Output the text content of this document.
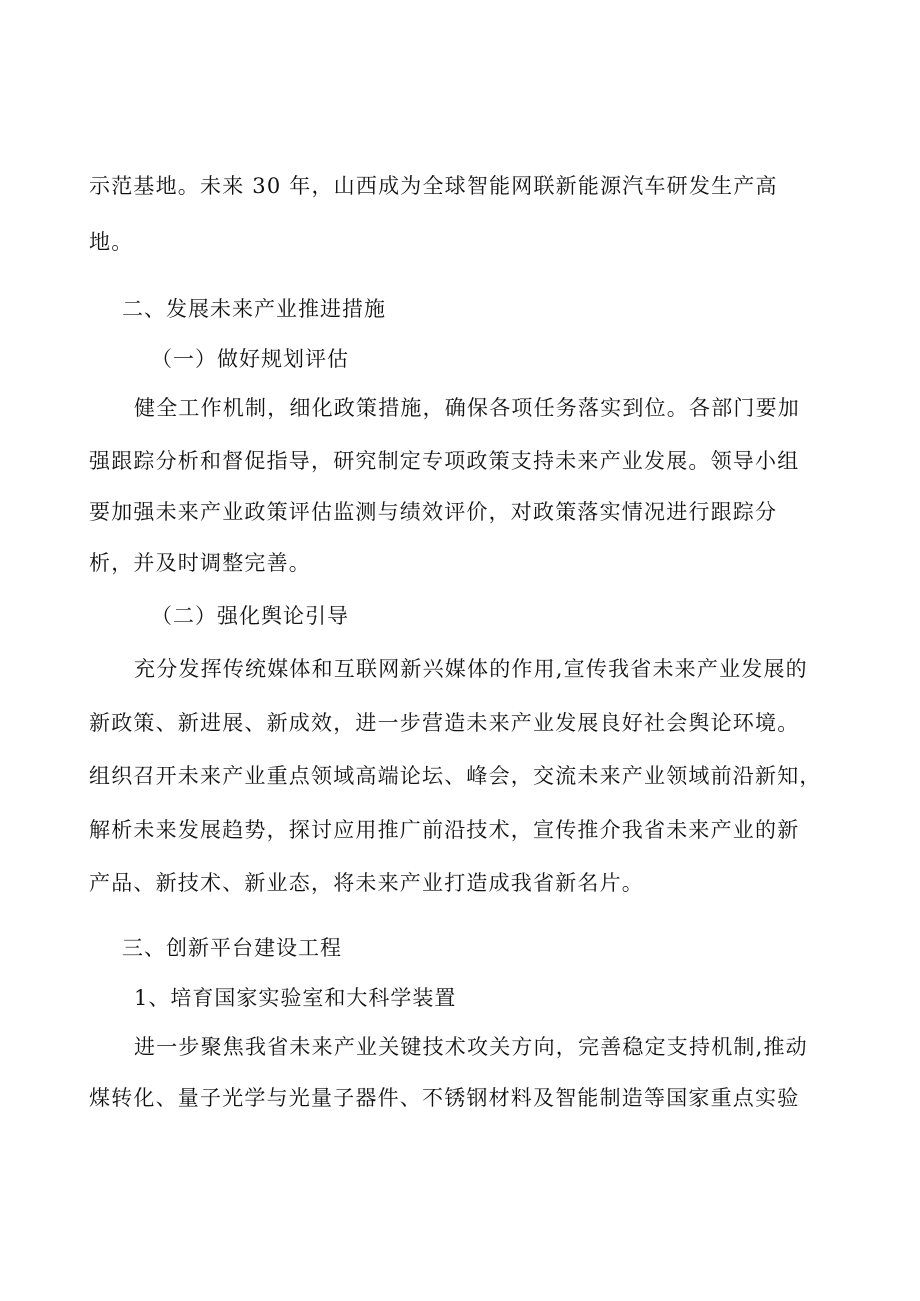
示范基地。未来 30 年，山西成为全球智能网联新能源汽车研发生产高
地。
二、发展未来产业推进措施
（一）做好规划评估
健全工作机制，细化政策措施，确保各项任务落实到位。各部门要加
强跟踪分析和督促指导，研究制定专项政策支持未来产业发展。领导小组
要加强未来产业政策评估监测与绩效评价，对政策落实情况进行跟踪分
析，并及时调整完善。
（二）强化舆论引导
充分发挥传统媒体和互联网新兴媒体的作用,宣传我省未来产业发展的
新政策、新进展、新成效，进一步营造未来产业发展良好社会舆论环境。
组织召开未来产业重点领域高端论坛、峰会，交流未来产业领域前沿新知，
解析未来发展趋势，探讨应用推广前沿技术，宣传推介我省未来产业的新
产品、新技术、新业态，将未来产业打造成我省新名片。
三、创新平台建设工程
1、培育国家实验室和大科学装置
进一步聚焦我省未来产业关键技术攻关方向，完善稳定支持机制,推动
煤转化、量子光学与光量子器件、不锈钢材料及智能制造等国家重点实验
